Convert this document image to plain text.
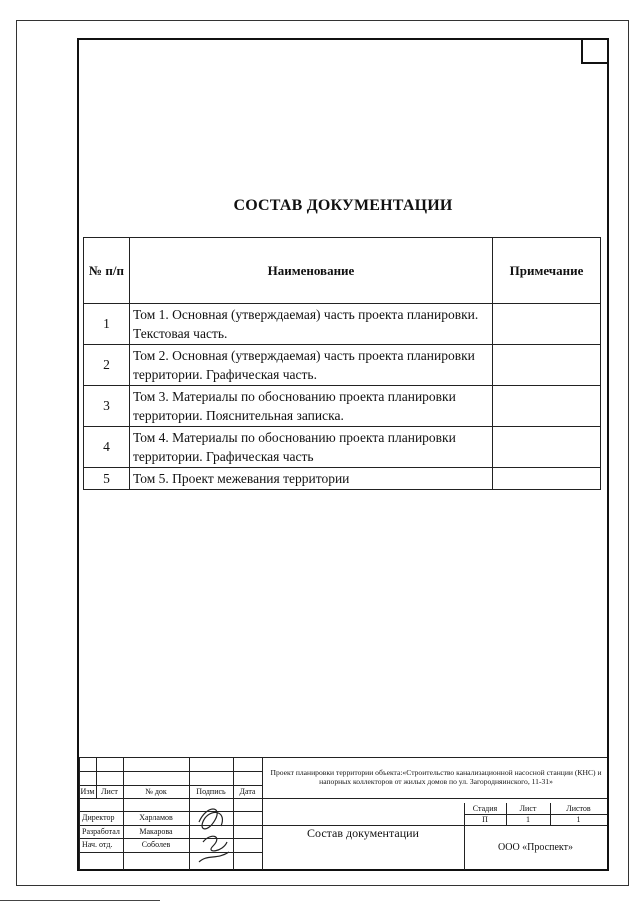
СОСТАВ ДОКУМЕНТАЦИИ
№ п/п	Наименование	Примечание
1	Том 1. Основная (утверждаемая) часть проекта планировки. Текстовая часть.	
2	Том 2. Основная (утверждаемая) часть проекта планировки территории. Графическая часть.	
3	Том 3. Материалы по обоснованию проекта планировки территории. Пояснительная записка.	
4	Том 4. Материалы по обоснованию проекта планировки территории. Графическая часть	
5	Том 5. Проект межевания территории	
Изм Лист	№ док	Подпись	Дата
Директор	Харламов
Разработал	Макарова
Нач. отд.	Соболев
Проект планировки территории объекта:«Строительство канализационной насосной станции (КНС) и напорных коллекторов от жилых домов по ул. Загородняинского, 11-31»
Состав документации
Стадия	Лист	Листов
П	1	1
ООО «Проспект»
